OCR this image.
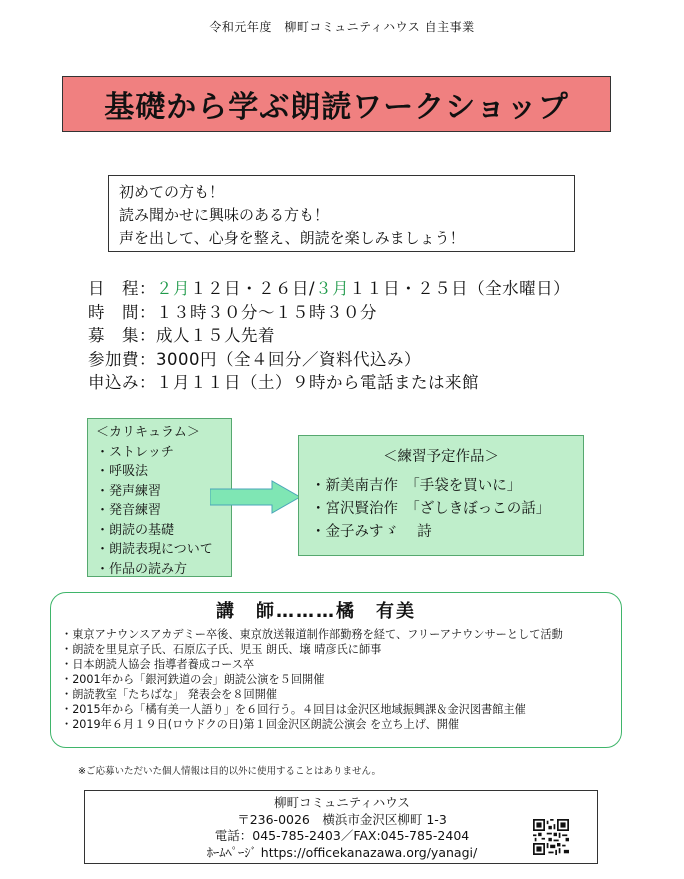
令和元年度　柳町コミュニティハウス 自主事業
基礎から学ぶ朗読ワークショップ
初めての方も！
読み聞かせに興味のある方も！
声を出して、心身を整え、朗読を楽しみましょう！
日　程：２月１２日・２６日/３月１１日・２５日（全水曜日）
時　間：１３時３０分～１５時３０分
募　集：成人１５人先着
参加費：3000円（全４回分／資料代込み）
申込み：１月１１日（土）９時から電話または来館
＜カリキュラム＞
・ストレッチ
・呼吸法
・発声練習
・発音練習
・朗読の基礎
・朗読表現について
・作品の読み方
＜練習予定作品＞
・新美南吉作　「手袋を買いに」
・宮沢賢治作　「ざしきぼっこの話」
・金子みすゞ　 詩
講　師………橘　有美
・東京アナウンスアカデミー卒後、東京放送報道制作部勤務を経て、フリーアナウンサーとして活動
・朗読を里見京子氏、石原広子氏、児玉 朗氏、壌 晴彦氏に師事
・日本朗読人協会 指導者養成コース卒
・2001年から「銀河鉄道の会」朗読公演を５回開催
・朗読教室「たちばな」 発表会を８回開催
・2015年から「橘有美一人語り」を６回行う。４回目は金沢区地域振興課＆金沢図書館主催
・2019年６月１９日(ロウドクの日)第１回金沢区朗読公演会 を立ち上げ、開催
※ご応募いただいた個人情報は目的以外に使用することはありません。
柳町コミュニティハウス
〒236-0026　横浜市金沢区柳町 1-3
電話：045-785-2403／FAX:045-785-2404
ﾎｰﾑﾍﾟｰｼﾞ https://officekanazawa.org/yanagi/
